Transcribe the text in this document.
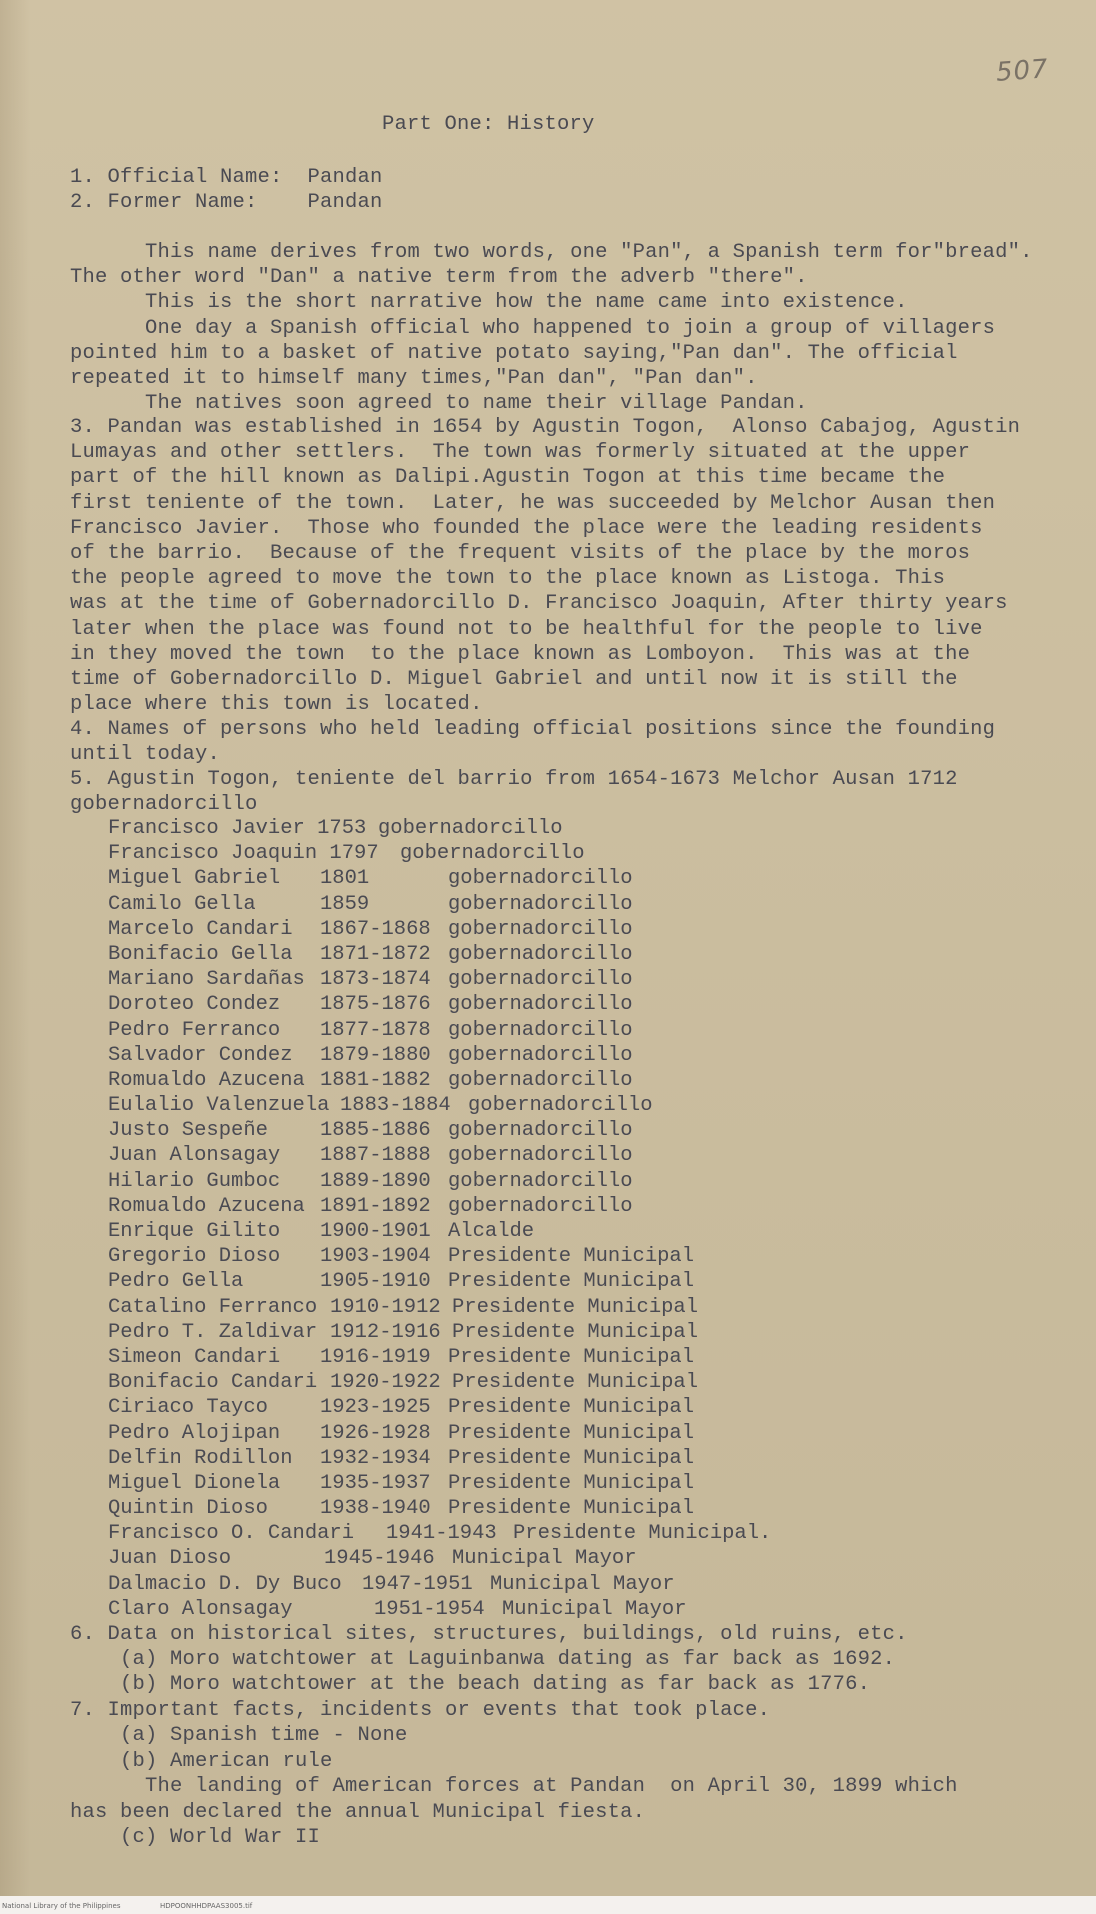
507
Part One: History
1. Official Name:  Pandan
2. Former Name:    Pandan
This name derives from two words, one "Pan", a Spanish term for"bread".
The other word "Dan" a native term from the adverb "there".
This is the short narrative how the name came into existence.
One day a Spanish official who happened to join a group of villagers
pointed him to a basket of native potato saying,"Pan dan". The official
repeated it to himself many times,"Pan dan", "Pan dan".
The natives soon agreed to name their village Pandan.
3. Pandan was established in 1654 by Agustin Togon,  Alonso Cabajog, Agustin
Lumayas and other settlers.  The town was formerly situated at the upper
part of the hill known as Dalipi.Agustin Togon at this time became the
first teniente of the town.  Later, he was succeeded by Melchor Ausan then
Francisco Javier.  Those who founded the place were the leading residents
of the barrio.  Because of the frequent visits of the place by the moros
the people agreed to move the town to the place known as Listoga. This
was at the time of Gobernadorcillo D. Francisco Joaquin, After thirty years
later when the place was found not to be healthful for the people to live
in they moved the town  to the place known as Lomboyon.  This was at the
time of Gobernadorcillo D. Miguel Gabriel and until now it is still the
place where this town is located.
4. Names of persons who held leading official positions since the founding
until today.
5. Agustin Togon, teniente del barrio from 1654-1673 Melchor Ausan 1712
gobernadorcillo
Francisco Javier 1753 gobernadorcillo
Francisco Joaquin 1797 gobernadorcillo
Miguel Gabriel 1801	gobernadorcillo
Camilo Gella	1859	gobernadorcillo
Marcelo Candari 1867-1868 gobernadorcillo
Bonifacio Gella 1871-1872 gobernadorcillo
Mariano Sardañas 1873-1874 gobernadorcillo
Doroteo Condez 1875-1876 gobernadorcillo
Pedro Ferranco 1877-1878 gobernadorcillo
Salvador Condez 1879-1880 gobernadorcillo
Romualdo Azucena 1881-1882 gobernadorcillo
Eulalio Valenzuela 1883-1884 gobernadorcillo
Justo Sespeñe	1885-1886 gobernadorcillo
Juan Alonsagay 1887-1888 gobernadorcillo
Hilario Gumboc 1889-1890 gobernadorcillo
Romualdo Azucena 1891-1892 gobernadorcillo
Enrique Gilito 1900-1901 Alcalde
Gregorio Dioso 1903-1904 Presidente Municipal
Pedro Gella	1905-1910 Presidente Municipal
Catalino Ferranco 1910-1912 Presidente Municipal
Pedro T. Zaldivar 1912-1916 Presidente Municipal
Simeon Candari 1916-1919 Presidente Municipal
Bonifacio Candari 1920-1922 Presidente Municipal
Ciriaco Tayco	1923-1925 Presidente Municipal
Pedro Alojipan 1926-1928 Presidente Municipal
Delfin Rodillon 1932-1934 Presidente Municipal
Miguel Dionela 1935-1937 Presidente Municipal
Quintin Dioso	1938-1940 Presidente Municipal
Francisco O. Candari 1941-1943 Presidente Municipal.
Juan Dioso	1945-1946 Municipal Mayor
Dalmacio D. Dy Buco 1947-1951 Municipal Mayor
Claro Alonsagay	1951-1954 Municipal Mayor
6. Data on historical sites, structures, buildings, old ruins, etc.
(a) Moro watchtower at Laguinbanwa dating as far back as 1692.
(b) Moro watchtower at the beach dating as far back as 1776.
7. Important facts, incidents or events that took place.
(a) Spanish time - None
(b) American rule
The landing of American forces at Pandan  on April 30, 1899 which
has been declared the annual Municipal fiesta.
(c) World War II
National Library of the Philippines	HDPOONHHDPAAS3005.tif
